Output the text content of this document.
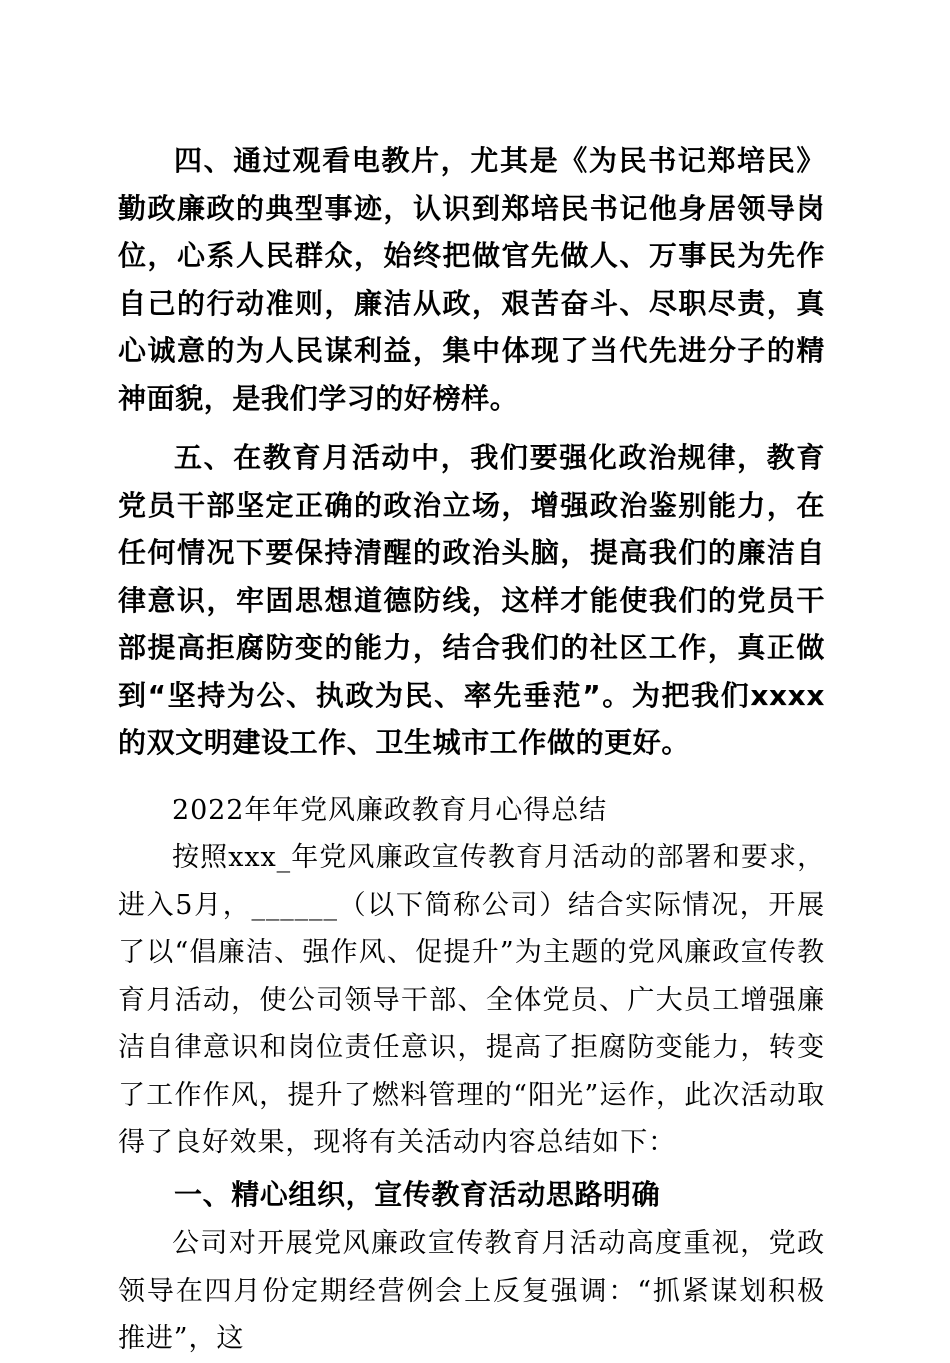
四、通过观看电教片，尤其是《为民书记郑培民》勤政廉政的典型事迹，认识到郑培民书记他身居领导岗位，心系人民群众，始终把做官先做人、万事民为先作自己的行动准则，廉洁从政，艰苦奋斗、尽职尽责，真心诚意的为人民谋利益，集中体现了当代先进分子的精神面貌，是我们学习的好榜样。

五、在教育月活动中，我们要强化政治规律，教育党员干部坚定正确的政治立场，增强政治鉴别能力，在任何情况下要保持清醒的政治头脑，提高我们的廉洁自律意识，牢固思想道德防线，这样才能使我们的党员干部提高拒腐防变的能力，结合我们的社区工作，真正做到“坚持为公、执政为民、率先垂范”。为把我们xxxx的双文明建设工作、卫生城市工作做的更好。

2022年年党风廉政教育月心得总结

按照xxx_年党风廉政宣传教育月活动的部署和要求，进入5月，______（以下简称公司）结合实际情况，开展了以“倡廉洁、强作风、促提升”为主题的党风廉政宣传教育月活动，使公司领导干部、全体党员、广大员工增强廉洁自律意识和岗位责任意识，提高了拒腐防变能力，转变了工作作风，提升了燃料管理的“阳光”运作，此次活动取得了良好效果，现将有关活动内容总结如下：

一、精心组织，宣传教育活动思路明确

公司对开展党风廉政宣传教育月活动高度重视，党政领导在四月份定期经营例会上反复强调：“抓紧谋划积极推进”，这
